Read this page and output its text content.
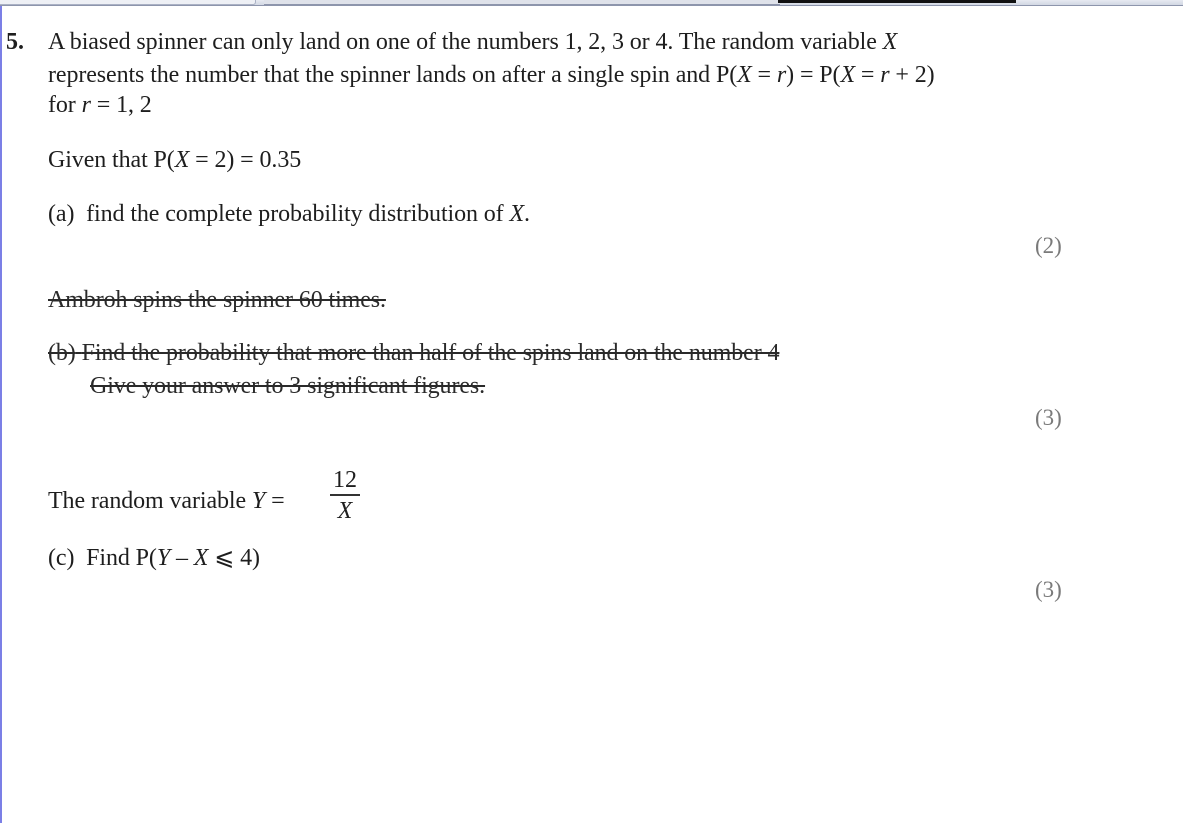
5. A biased spinner can only land on one of the numbers 1, 2, 3 or 4. The random variable X
represents the number that the spinner lands on after a single spin and P(X = r) = P(X = r + 2)
for r = 1, 2
Given that P(X = 2) = 0.35
(a) find the complete probability distribution of X.
(2)
Ambroh spins the spinner 60 times.
(b) Find the probability that more than half of the spins land on the number 4
Give your answer to 3 significant figures.
(3)
The random variable Y =
12
X
(c) Find P(Y – X ⩽ 4)
(3)
